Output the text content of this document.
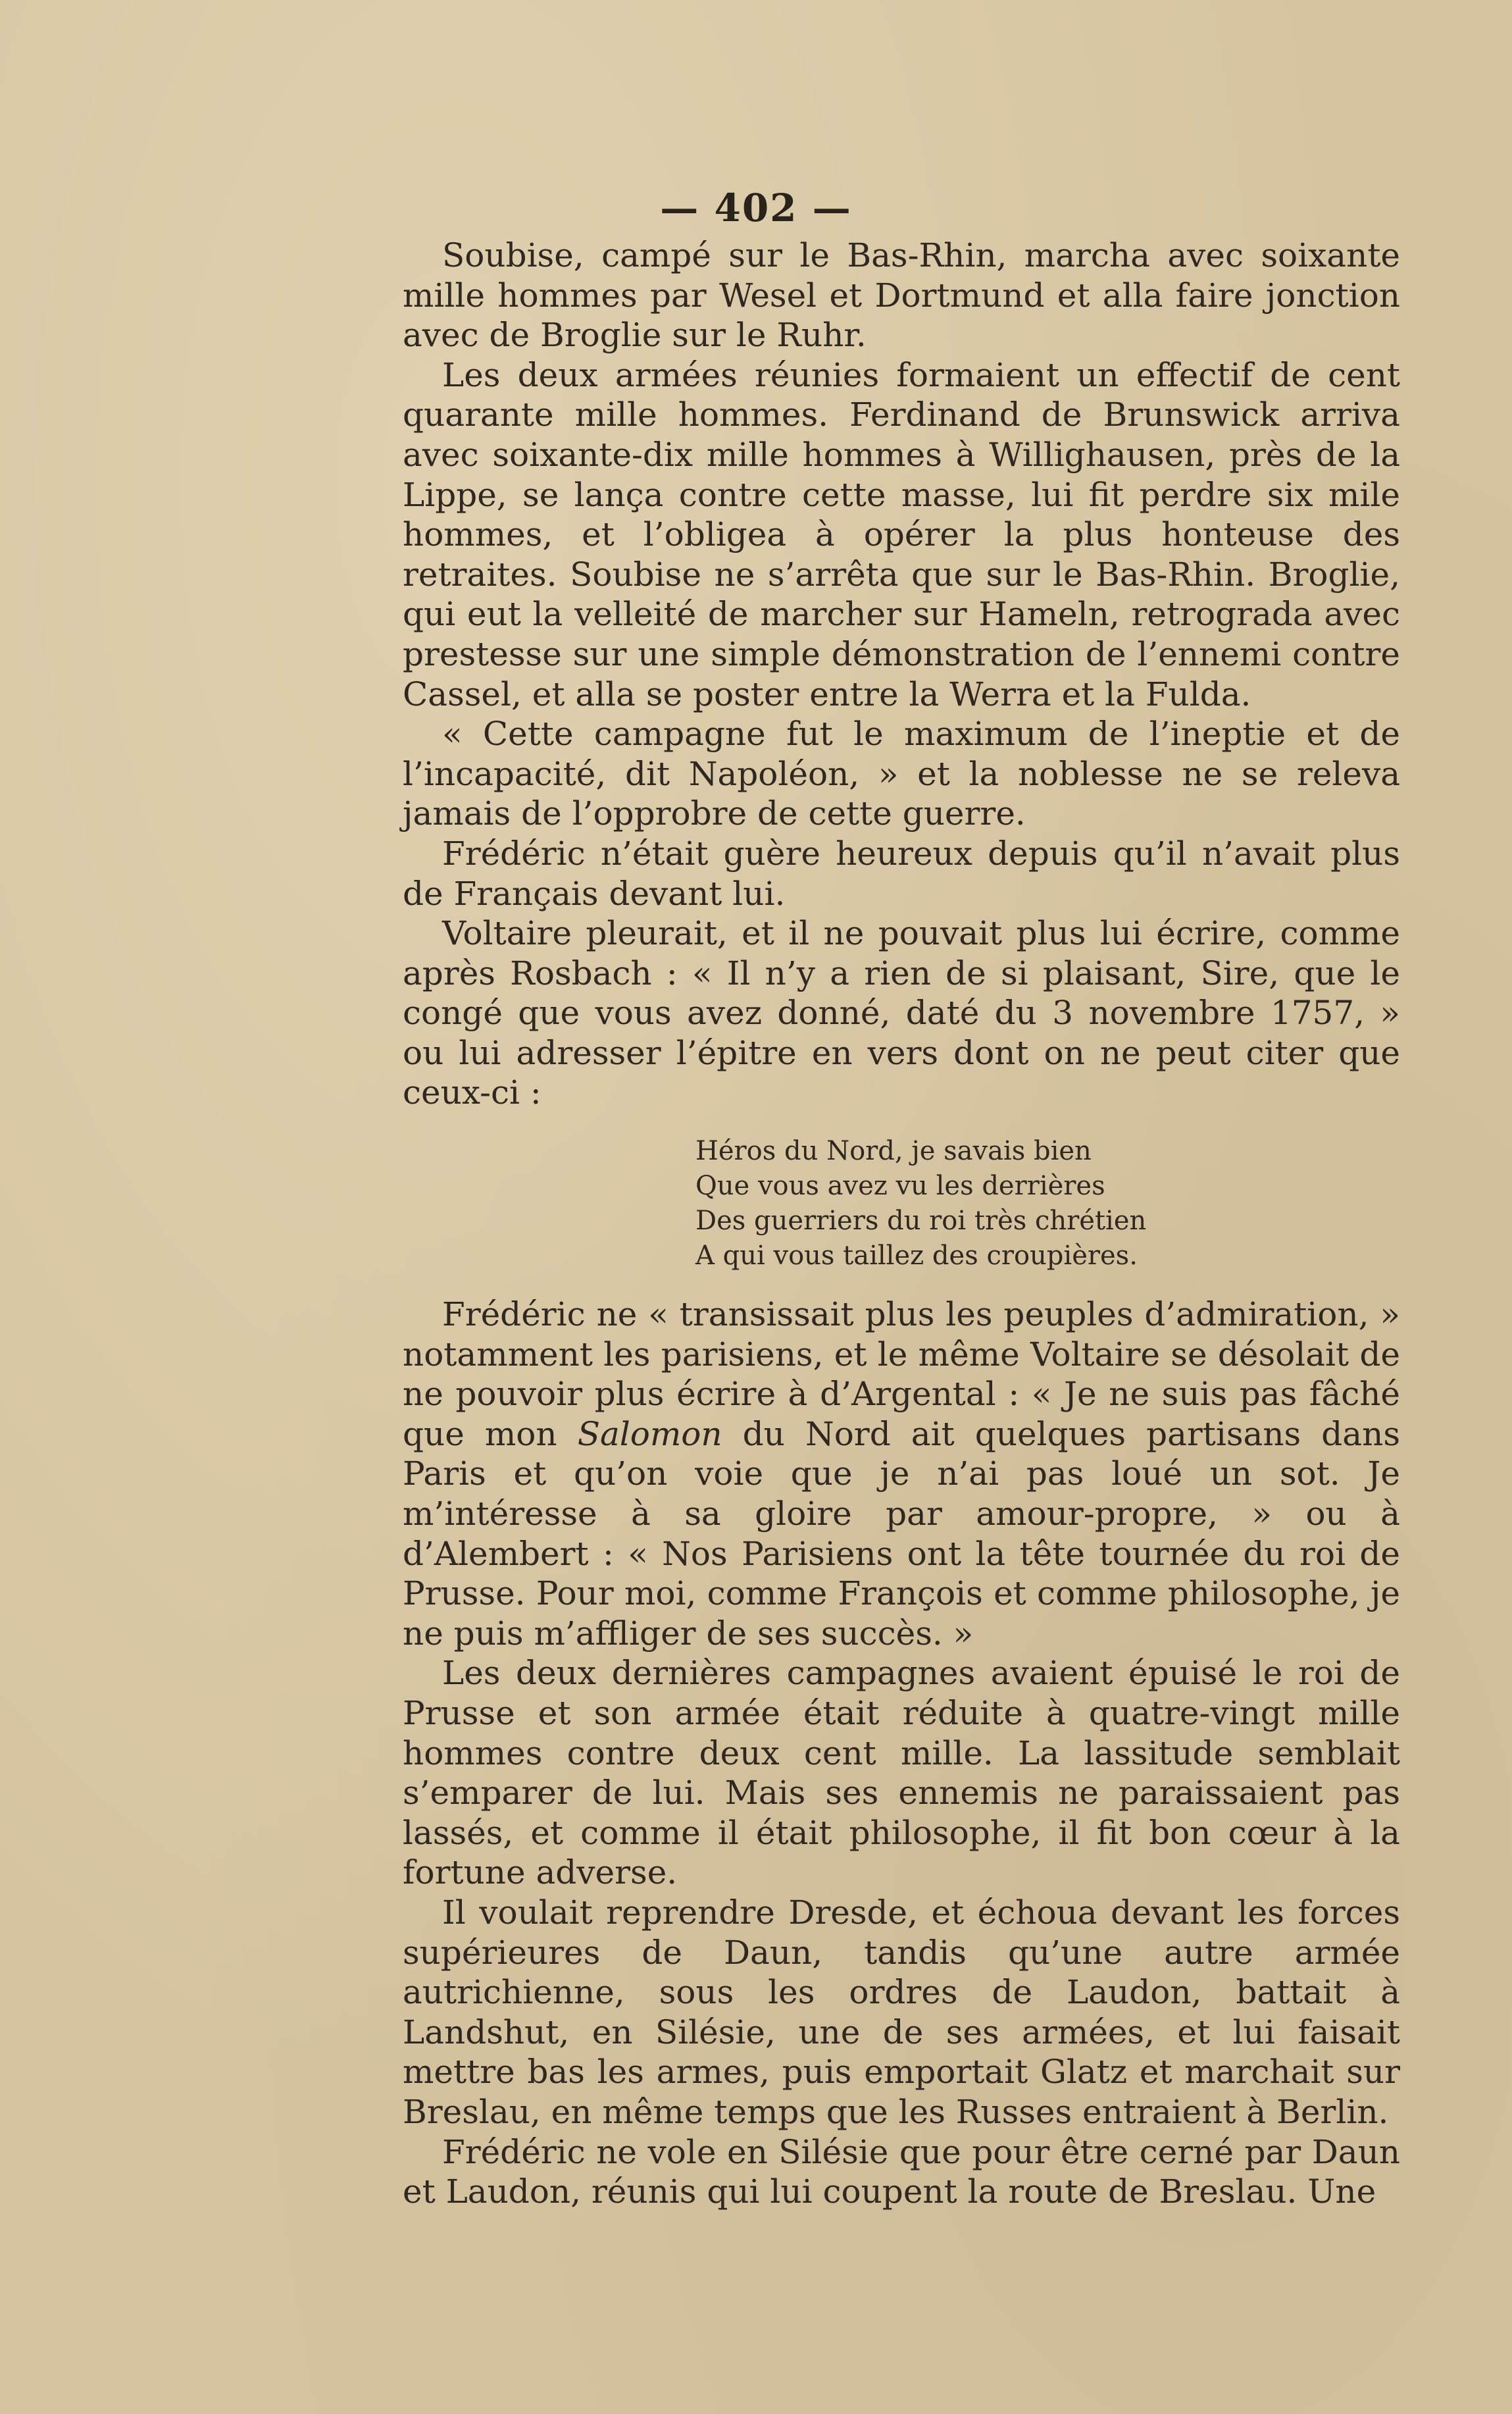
— 402 —

Soubise, campé sur le Bas-Rhin, marcha avec soixante mille hommes par Wesel et Dortmund et alla faire jonction avec de Broglie sur le Ruhr.

Les deux armées réunies formaient un effectif de cent quarante mille hommes. Ferdinand de Brunswick arriva avec soixante-dix mille hommes à Willighausen, près de la Lippe, se lança contre cette masse, lui fit perdre six mile hommes, et l’obligea à opérer la plus honteuse des retraites. Soubise ne s’arrêta que sur le Bas-Rhin. Broglie, qui eut la velleité de marcher sur Hameln, retrograda avec prestesse sur une simple démonstration de l’ennemi contre Cassel, et alla se poster entre la Werra et la Fulda.

« Cette campagne fut le maximum de l’ineptie et de l’incapacité, dit Napoléon, » et la noblesse ne se releva jamais de l’opprobre de cette guerre.

Frédéric n’était guère heureux depuis qu’il n’avait plus de Français devant lui.

Voltaire pleurait, et il ne pouvait plus lui écrire, comme après Rosbach : « Il n’y a rien de si plaisant, Sire, que le congé que vous avez donné, daté du 3 novembre 1757, » ou lui adresser l’épitre en vers dont on ne peut citer que ceux-ci :

Héros du Nord, je savais bien
Que vous avez vu les derrières
Des guerriers du roi très chrétien
A qui vous taillez des croupières.

Frédéric ne « transissait plus les peuples d’admiration, » notamment les parisiens, et le même Voltaire se désolait de ne pouvoir plus écrire à d’Argental : « Je ne suis pas fâché que mon Salomon du Nord ait quelques partisans dans Paris et qu’on voie que je n’ai pas loué un sot. Je m’intéresse à sa gloire par amour-propre, » ou à d’Alembert : « Nos Parisiens ont la tête tournée du roi de Prusse. Pour moi, comme François et comme philosophe, je ne puis m’affliger de ses succès. »

Les deux dernières campagnes avaient épuisé le roi de Prusse et son armée était réduite à quatre-vingt mille hommes contre deux cent mille. La lassitude semblait s’emparer de lui. Mais ses ennemis ne paraissaient pas lassés, et comme il était philosophe, il fit bon cœur à la fortune adverse.

Il voulait reprendre Dresde, et échoua devant les forces supérieures de Daun, tandis qu’une autre armée autrichienne, sous les ordres de Laudon, battait à Landshut, en Silésie, une de ses armées, et lui faisait mettre bas les armes, puis emportait Glatz et marchait sur Breslau, en même temps que les Russes entraient à Berlin.

Frédéric ne vole en Silésie que pour être cerné par Daun et Laudon, réunis qui lui coupent la route de Breslau. Une
